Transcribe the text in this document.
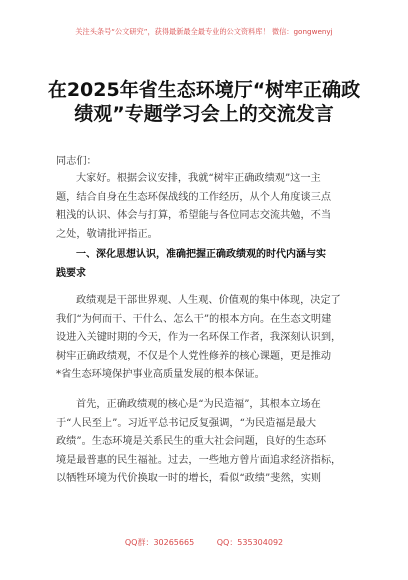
关注头条号“公文研究”，获得最新最全最专业的公文资料库！ 微信：gongwenyj
在2025年省生态环境厅“树牢正确政
绩观”专题学习会上的交流发言
同志们：

大家好。根据会议安排，我就“树牢正确政绩观”这一主
题，结合自身在生态环保战线的工作经历，从个人角度谈三点
粗浅的认识、体会与打算，希望能与各位同志交流共勉，不当
之处，敬请批评指正。

一、深化思想认识，准确把握正确政绩观的时代内涵与实
践要求

政绩观是干部世界观、人生观、价值观的集中体现，决定了
我们“为何而干、干什么、怎么干”的根本方向。在生态文明建
设进入关键时期的今天，作为一名环保工作者，我深刻认识到，
树牢正确政绩观，不仅是个人党性修养的核心课题，更是推动
*省生态环境保护事业高质量发展的根本保证。

首先，正确政绩观的核心是“为民造福”，其根本立场在
于“人民至上”。习近平总书记反复强调，“为民造福是最大
政绩”。生态环境是关系民生的重大社会问题，良好的生态环
境是最普惠的民生福祉。过去，一些地方曾片面追求经济指标，
以牺牲环境为代价换取一时的增长，看似“政绩”斐然，实则

QQ群：30265665	QQ：535304092
